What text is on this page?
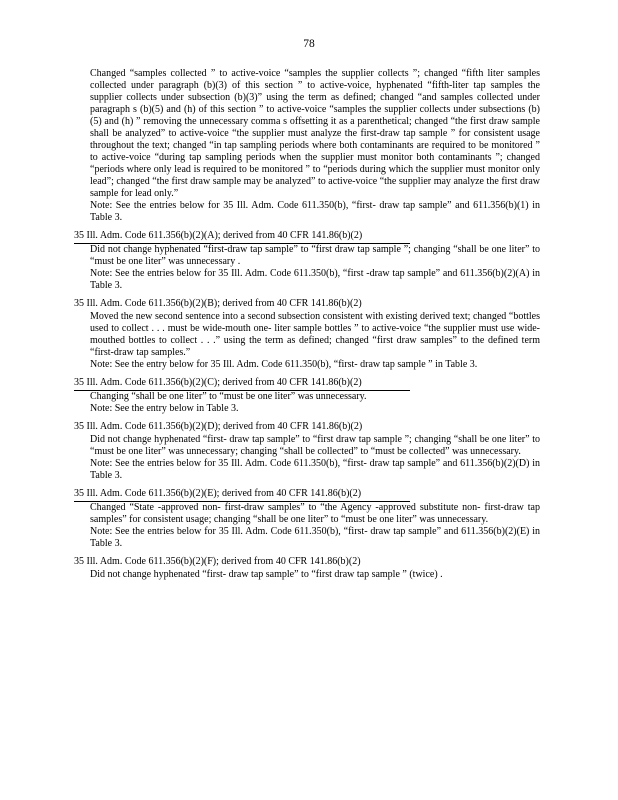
78

Changed “samples collected ” to active-voice “samples the supplier collects ”; changed “fifth liter samples collected under paragraph (b)(3) of this section ” to active-voice, hyphenated “fifth-liter tap samples the supplier collects under subsection (b)(3)” using the term as defined; changed “and samples collected under paragraph s (b)(5) and (h) of this section ” to active-voice “samples the supplier collects under subsections (b)(5) and (h) ” removing the unnecessary comma s offsetting it as a parenthetical; changed “the first draw sample shall be analyzed” to active-voice “the supplier must analyze the first-draw tap sample ” for consistent usage throughout the text; changed “in tap sampling periods where both contaminants are required to be monitored ” to active-voice “during tap sampling periods when the supplier must monitor both contaminants ”; changed “periods where only lead is required to be monitored ” to “periods during which the supplier must monitor only lead”; changed “the first draw sample may be analyzed” to active-voice “the supplier may analyze the first draw sample for lead only.”

Note: See the entries below for 35 Ill. Adm. Code 611.350(b), “first- draw tap sample” and 611.356(b)(1) in Table 3.

35 Ill. Adm. Code 611.356(b)(2)(A); derived from 40 CFR 141.86(b)(2)

Did not change hyphenated “first-draw tap sample” to “first draw tap sample ”; changing “shall be one liter” to “must be one liter” was unnecessary .

Note: See the entries below for 35 Ill. Adm. Code 611.350(b), “first -draw tap sample” and 611.356(b)(2)(A) in Table 3.

35 Ill. Adm. Code 611.356(b)(2)(B); derived from 40 CFR 141.86(b)(2)

Moved the new second sentence into a second subsection consistent with existing derived text; changed “bottles used to collect . . . must be wide-mouth one- liter sample bottles ” to active-voice “the supplier must use wide- mouthed bottles to collect . . .” using the term as defined; changed “first draw samples” to the defined term “first-draw tap samples.”

Note: See the entry below for 35 Ill. Adm. Code 611.350(b), “first- draw tap sample ” in Table 3.

35 Ill. Adm. Code 611.356(b)(2)(C); derived from 40 CFR 141.86(b)(2)

Changing “shall be one liter” to “must be one liter” was unnecessary.

Note: See the entry below in Table 3.

35 Ill. Adm. Code 611.356(b)(2)(D); derived from 40 CFR 141.86(b)(2)

Did not change hyphenated “first- draw tap sample” to “first draw tap sample ”; changing “shall be one liter” to “must be one liter” was unnecessary; changing “shall be collected” to “must be collected” was unnecessary.

Note: See the entries below for 35 Ill. Adm. Code 611.350(b), “first- draw tap sample” and 611.356(b)(2)(D) in Table 3.

35 Ill. Adm. Code 611.356(b)(2)(E); derived from 40 CFR 141.86(b)(2)

Changed “State -approved non- first-draw samples” to “the Agency -approved substitute non- first-draw tap samples” for consistent usage; changing “shall be one liter” to “must be one liter” was unnecessary.

Note: See the entries below for 35 Ill. Adm. Code 611.350(b), “first- draw tap sample” and 611.356(b)(2)(E) in Table 3.

35 Ill. Adm. Code 611.356(b)(2)(F); derived from 40 CFR 141.86(b)(2)

Did not change hyphenated “first- draw tap sample” to “first draw tap sample ” (twice) .
